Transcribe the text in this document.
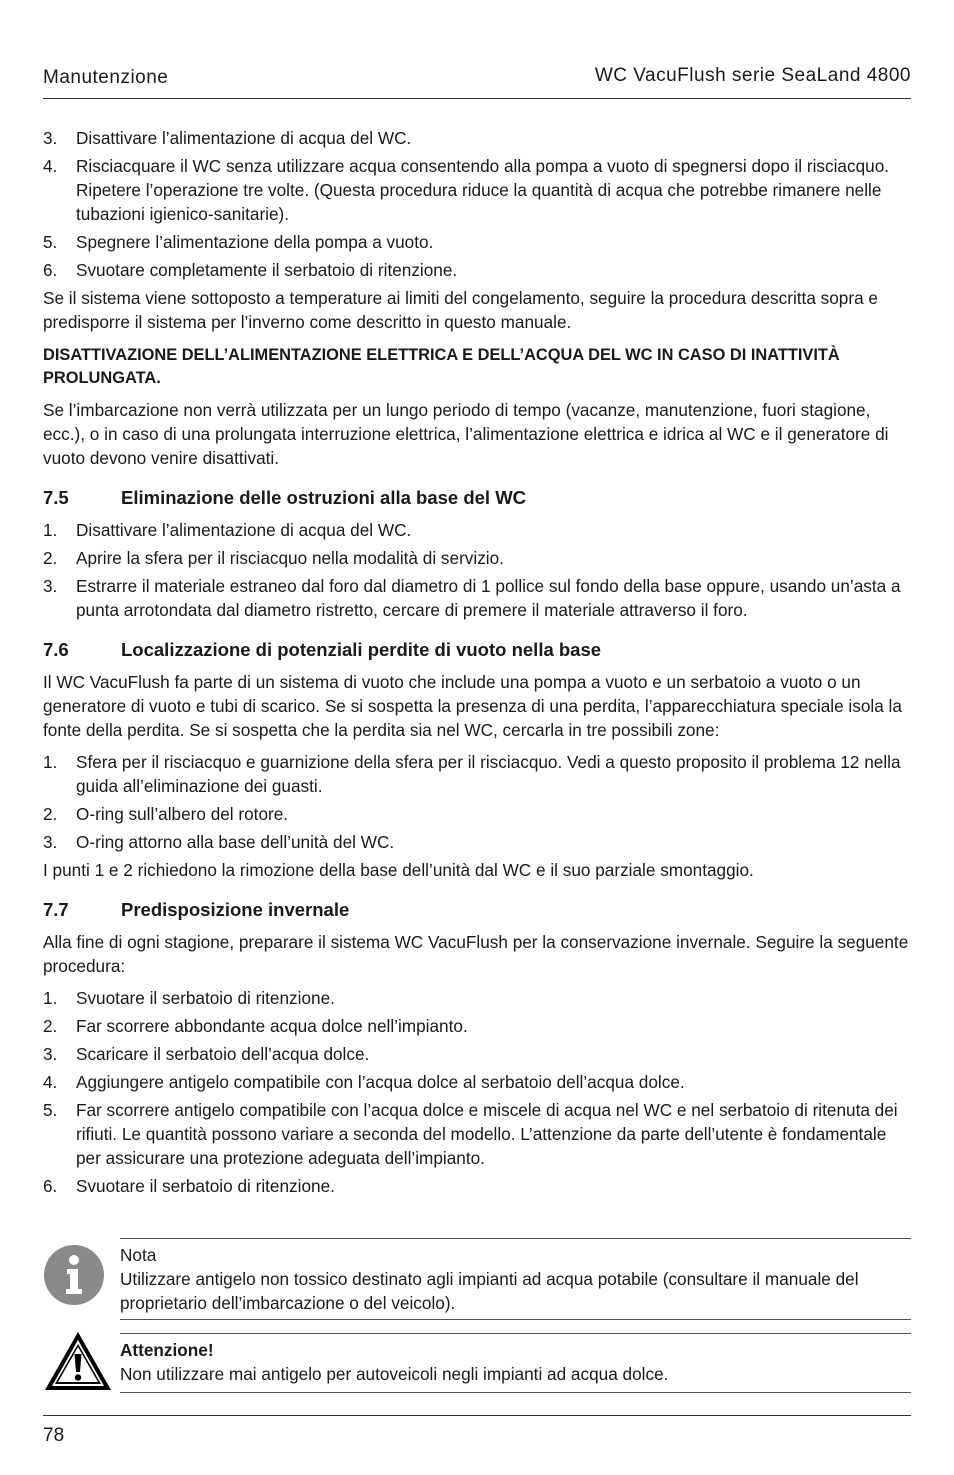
Manutenzione	WC VacuFlush serie SeaLand 4800
3. Disattivare l’alimentazione di acqua del WC.
4. Risciacquare il WC senza utilizzare acqua consentendo alla pompa a vuoto di spegnersi dopo il risciacquo. Ripetere l’operazione tre volte. (Questa procedura riduce la quantità di acqua che potrebbe rimanere nelle tubazioni igienico-sanitarie).
5. Spegnere l’alimentazione della pompa a vuoto.
6. Svuotare completamente il serbatoio di ritenzione.

Se il sistema viene sottoposto a temperature ai limiti del congelamento, seguire la procedura descritta sopra e predisporre il sistema per l’inverno come descritto in questo manuale.

DISATTIVAZIONE DELL’ALIMENTAZIONE ELETTRICA E DELL’ACQUA DEL WC IN CASO DI INATTIVITÀ PROLUNGATA.

Se l’imbarcazione non verrà utilizzata per un lungo periodo di tempo (vacanze, manutenzione, fuori stagione, ecc.), o in caso di una prolungata interruzione elettrica, l’alimentazione elettrica e idrica al WC e il generatore di vuoto devono venire disattivati.

7.5	Eliminazione delle ostruzioni alla base del WC
1. Disattivare l’alimentazione di acqua del WC.
2. Aprire la sfera per il risciacquo nella modalità di servizio.
3. Estrarre il materiale estraneo dal foro dal diametro di 1 pollice sul fondo della base oppure, usando un’asta a punta arrotondata dal diametro ristretto, cercare di premere il materiale attraverso il foro.
7.6	Localizzazione di potenziali perdite di vuoto nella base

Il WC VacuFlush fa parte di un sistema di vuoto che include una pompa a vuoto e un serbatoio a vuoto o un generatore di vuoto e tubi di scarico. Se si sospetta la presenza di una perdita, l’apparecchiatura speciale isola la fonte della perdita. Se si sospetta che la perdita sia nel WC, cercarla in tre possibili zone:

1. Sfera per il risciacquo e guarnizione della sfera per il risciacquo. Vedi a questo proposito il problema 12 nella guida all’eliminazione dei guasti.
2. O-ring sull’albero del rotore.
3. O-ring attorno alla base dell’unità del WC.

I punti 1 e 2 richiedono la rimozione della base dell’unità dal WC e il suo parziale smontaggio.

7.7	Predisposizione invernale

Alla fine di ogni stagione, preparare il sistema WC VacuFlush per la conservazione invernale. Seguire la seguente procedura:

1. Svuotare il serbatoio di ritenzione.
2. Far scorrere abbondante acqua dolce nell’impianto.
3. Scaricare il serbatoio dell’acqua dolce.
4. Aggiungere antigelo compatibile con l’acqua dolce al serbatoio dell’acqua dolce.
5. Far scorrere antigelo compatibile con l’acqua dolce e miscele di acqua nel WC e nel serbatoio di ritenuta dei rifiuti. Le quantità possono variare a seconda del modello. L’attenzione da parte dell’utente è fondamentale per assicurare una protezione adeguata dell’impianto.
6. Svuotare il serbatoio di ritenzione.
Nota
Utilizzare antigelo non tossico destinato agli impianti ad acqua potabile (consultare il manuale del proprietario dell’imbarcazione o del veicolo).
Attenzione!
Non utilizzare mai antigelo per autoveicoli negli impianti ad acqua dolce.
78
